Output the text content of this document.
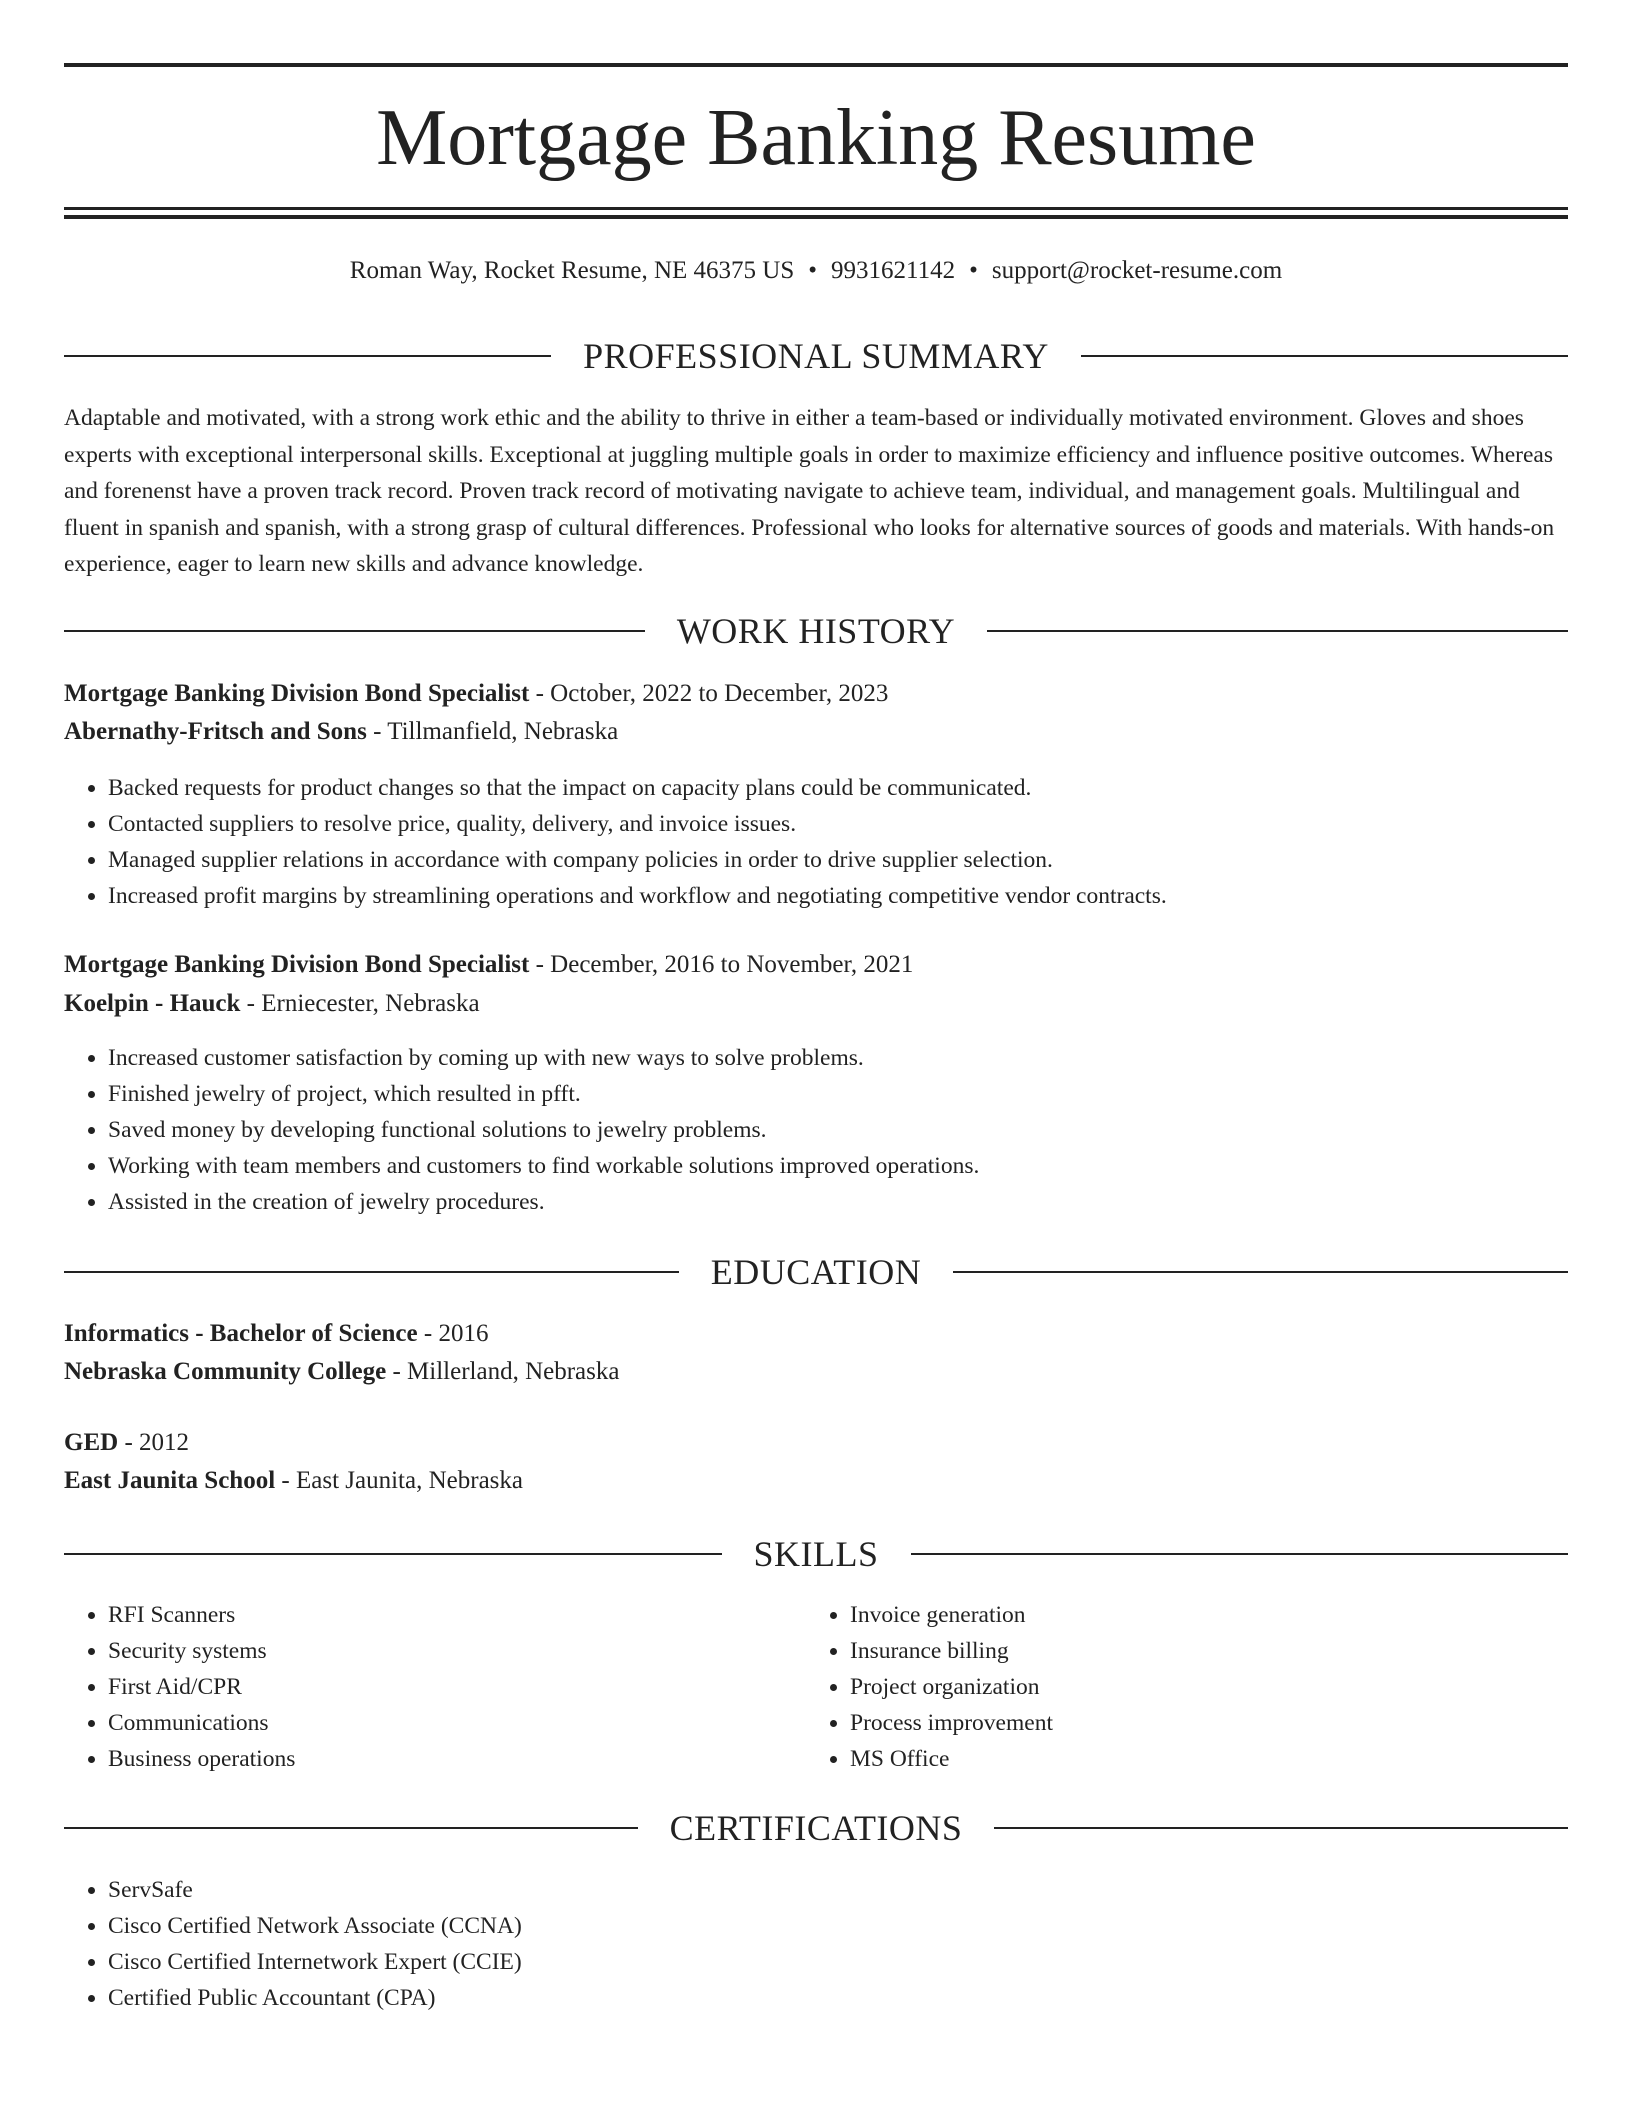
Mortgage Banking Resume
Roman Way, Rocket Resume, NE 46375 US • 9931621142 • support@rocket-resume.com
PROFESSIONAL SUMMARY

Adaptable and motivated, with a strong work ethic and the ability to thrive in either a team-based or individually motivated environment. Gloves and shoes experts with exceptional interpersonal skills. Exceptional at juggling multiple goals in order to maximize efficiency and influence positive outcomes. Whereas and forenenst have a proven track record. Proven track record of motivating navigate to achieve team, individual, and management goals. Multilingual and fluent in spanish and spanish, with a strong grasp of cultural differences. Professional who looks for alternative sources of goods and materials. With hands-on experience, eager to learn new skills and advance knowledge.

WORK HISTORY
Mortgage Banking Division Bond Specialist - October, 2022 to December, 2023
Abernathy-Fritsch and Sons - Tillmanfield, Nebraska
• Backed requests for product changes so that the impact on capacity plans could be communicated.
• Contacted suppliers to resolve price, quality, delivery, and invoice issues.
• Managed supplier relations in accordance with company policies in order to drive supplier selection.
• Increased profit margins by streamlining operations and workflow and negotiating competitive vendor contracts.
Mortgage Banking Division Bond Specialist - December, 2016 to November, 2021
Koelpin - Hauck - Erniecester, Nebraska
• Increased customer satisfaction by coming up with new ways to solve problems.
• Finished jewelry of project, which resulted in pfft.
• Saved money by developing functional solutions to jewelry problems.
• Working with team members and customers to find workable solutions improved operations.
• Assisted in the creation of jewelry procedures.
EDUCATION
Informatics - Bachelor of Science - 2016
Nebraska Community College - Millerland, Nebraska
GED - 2012
East Jaunita School - East Jaunita, Nebraska
SKILLS
• RFI Scanners
• Security systems
• First Aid/CPR
• Communications
• Business operations
• Invoice generation
• Insurance billing
• Project organization
• Process improvement
• MS Office
CERTIFICATIONS
• ServSafe
• Cisco Certified Network Associate (CCNA)
• Cisco Certified Internetwork Expert (CCIE)
• Certified Public Accountant (CPA)
